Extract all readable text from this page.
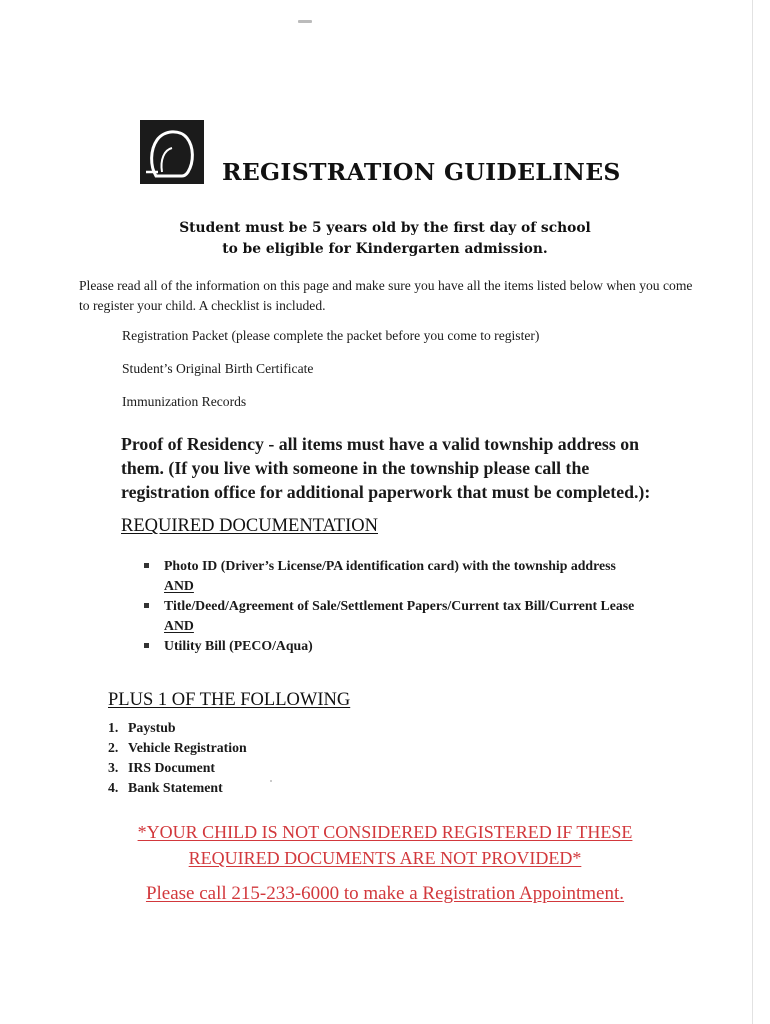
REGISTRATION GUIDELINES
Student must be 5 years old by the first day of school
to be eligible for Kindergarten admission.
Please read all of the information on this page and make sure you have all the items listed below when you come to register your child. A checklist is included.
Registration Packet (please complete the packet before you come to register)
Student’s Original Birth Certificate
Immunization Records
Proof of Residency - all items must have a valid township address on them. (If you live with someone in the township please call the registration office for additional paperwork that must be completed.):
REQUIRED DOCUMENTATION
Photo ID (Driver’s License/PA identification card) with the township address
AND
Title/Deed/Agreement of Sale/Settlement Papers/Current tax Bill/Current Lease
AND
Utility Bill (PECO/Aqua)
PLUS 1 OF THE FOLLOWING
1. Paystub
2. Vehicle Registration
3. IRS Document
4. Bank Statement
*YOUR CHILD IS NOT CONSIDERED REGISTERED IF THESE
REQUIRED DOCUMENTS ARE NOT PROVIDED*
Please call 215-233-6000 to make a Registration Appointment.
